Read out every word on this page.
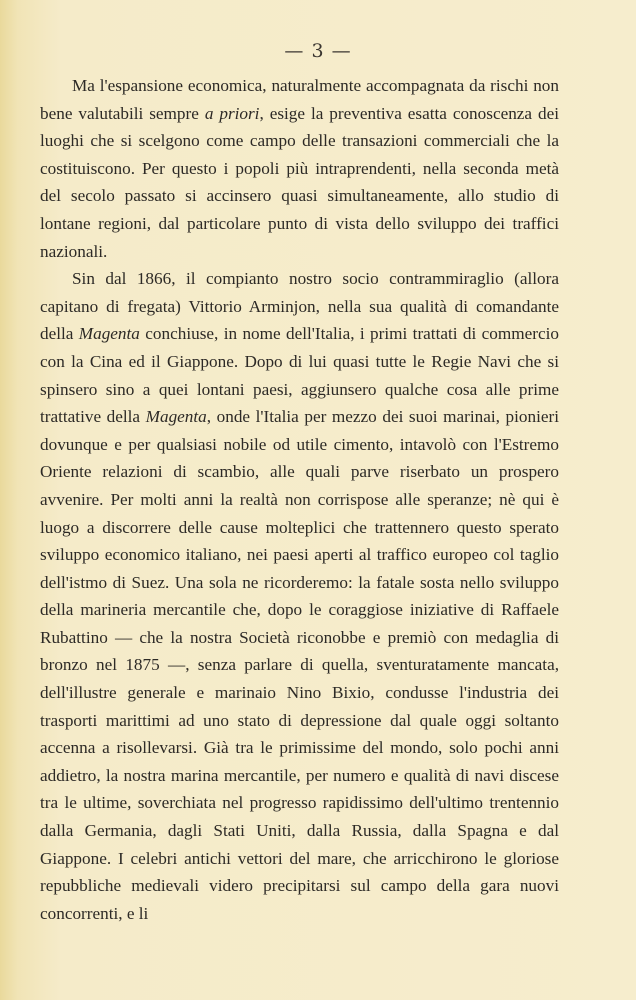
— 3 —

Ma l'espansione economica, naturalmente accompagnata da rischi non bene valutabili sempre a priori, esige la preventiva esatta conoscenza dei luoghi che si scelgono come campo delle transazioni commerciali che la costituiscono. Per questo i popoli più intraprendenti, nella seconda metà del secolo passato si accinsero quasi simultaneamente, allo studio di lontane regioni, dal particolare punto di vista dello sviluppo dei traffici nazionali.

Sin dal 1866, il compianto nostro socio contrammiraglio (allora capitano di fregata) Vittorio Arminjon, nella sua qualità di comandante della Magenta conchiuse, in nome dell'Italia, i primi trattati di commercio con la Cina ed il Giappone. Dopo di lui quasi tutte le Regie Navi che si spinsero sino a quei lontani paesi, aggiunsero qualche cosa alle prime trattative della Magenta, onde l'Italia per mezzo dei suoi marinai, pionieri dovunque e per qualsiasi nobile od utile cimento, intavolò con l'Estremo Oriente relazioni di scambio, alle quali parve riserbato un prospero avvenire. Per molti anni la realtà non corrispose alle speranze; nè qui è luogo a discorrere delle cause molteplici che trattennero questo sperato sviluppo economico italiano, nei paesi aperti al traffico europeo col taglio dell'istmo di Suez. Una sola ne ricorderemo: la fatale sosta nello sviluppo della marineria mercantile che, dopo le coraggiose iniziative di Raffaele Rubattino — che la nostra Società riconobbe e premiò con medaglia di bronzo nel 1875 —, senza parlare di quella, sventuratamente mancata, dell'illustre generale e marinaio Nino Bixio, condusse l'industria dei trasporti marittimi ad uno stato di depressione dal quale oggi soltanto accenna a risollevarsi. Già tra le primissime del mondo, solo pochi anni addietro, la nostra marina mercantile, per numero e qualità di navi discese tra le ultime, soverchiata nel progresso rapidissimo dell'ultimo trentennio dalla Germania, dagli Stati Uniti, dalla Russia, dalla Spagna e dal Giappone. I celebri antichi vettori del mare, che arricchirono le gloriose repubbliche medievali videro precipitarsi sul campo della gara nuovi concorrenti, e li
